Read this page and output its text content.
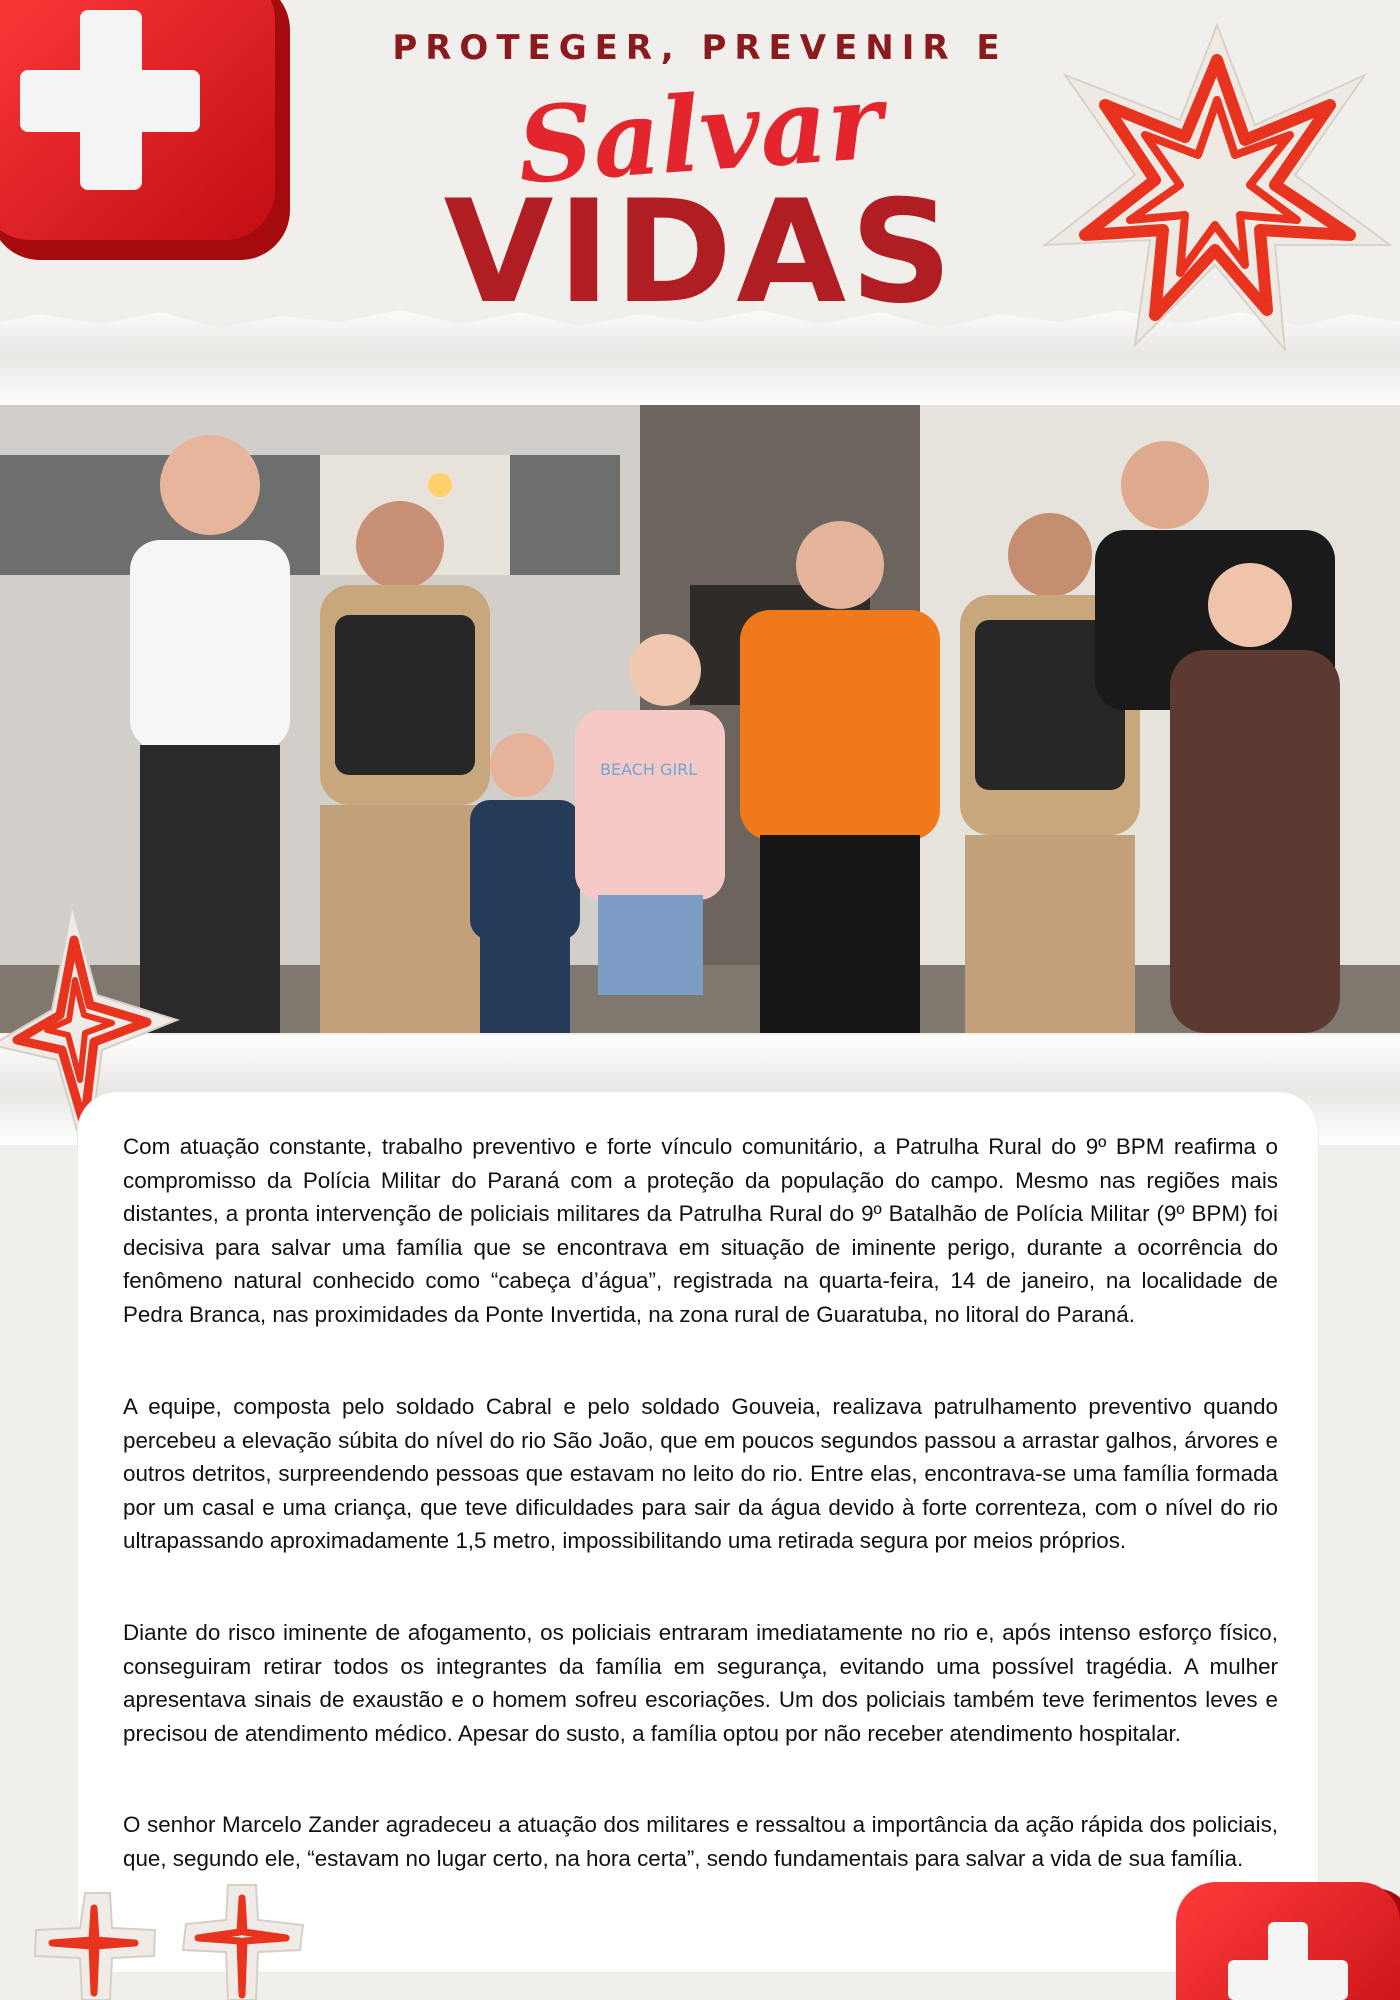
PROTEGER, PREVENIR E
Salvar
VIDAS
BEACH GIRL

Com atuação constante, trabalho preventivo e forte vínculo comunitário, a Patrulha Rural do 9º BPM reafirma o compromisso da Polícia Militar do Paraná com a proteção da população do campo. Mesmo nas regiões mais distantes, a pronta intervenção de policiais militares da Patrulha Rural do 9º Batalhão de Polícia Militar (9º BPM) foi decisiva para salvar uma família que se encontrava em situação de iminente perigo, durante a ocorrência do fenômeno natural conhecido como “cabeça d’água”, registrada na quarta-feira, 14 de janeiro, na localidade de Pedra Branca, nas proximidades da Ponte Invertida, na zona rural de Guaratuba, no litoral do Paraná.

A equipe, composta pelo soldado Cabral e pelo soldado Gouveia, realizava patrulhamento preventivo quando percebeu a elevação súbita do nível do rio São João, que em poucos segundos passou a arrastar galhos, árvores e outros detritos, surpreendendo pessoas que estavam no leito do rio. Entre elas, encontrava-se uma família formada por um casal e uma criança, que teve dificuldades para sair da água devido à forte correnteza, com o nível do rio ultrapassando aproximadamente 1,5 metro, impossibilitando uma retirada segura por meios próprios.

Diante do risco iminente de afogamento, os policiais entraram imediatamente no rio e, após intenso esforço físico, conseguiram retirar todos os integrantes da família em segurança, evitando uma possível tragédia. A mulher apresentava sinais de exaustão e o homem sofreu escoriações. Um dos policiais também teve ferimentos leves e precisou de atendimento médico. Apesar do susto, a família optou por não receber atendimento hospitalar.

O senhor Marcelo Zander agradeceu a atuação dos militares e ressaltou a importância da ação rápida dos policiais, que, segundo ele, “estavam no lugar certo, na hora certa”, sendo fundamentais para salvar a vida de sua família.
